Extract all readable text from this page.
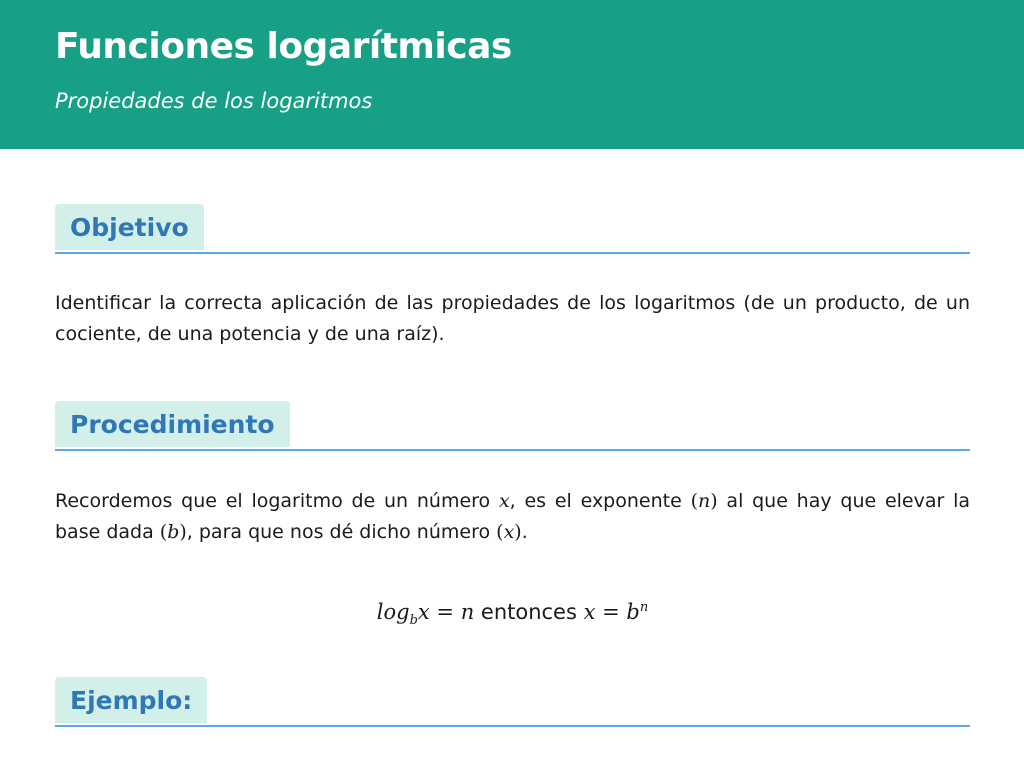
Funciones logarítmicas
Propiedades de los logaritmos
Objetivo
Identificar la correcta aplicación de las propiedades de los logaritmos (de un producto, de un cociente, de una potencia y de una raíz).
Procedimiento
Recordemos que el logaritmo de un número x, es el exponente (n) al que hay que elevar la base dada (b), para que nos dé dicho número (x).
$\log_bx = n$ entonces $x = b^n$
Ejemplo:
